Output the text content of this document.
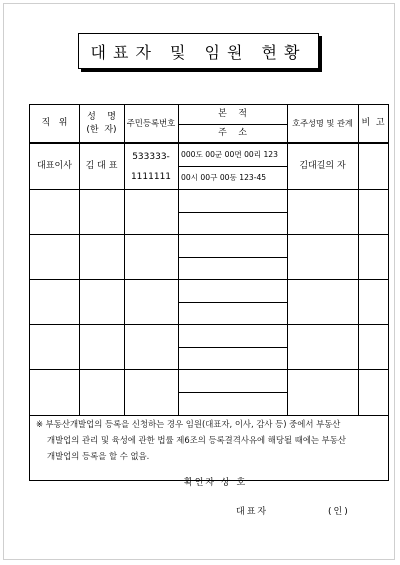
대표자 및 임원 현황
직   위
성    명
(한  자)
주민등록번호
본    적
주    소
호주성명 및 관계 비  고
대표이사	김 대 표
533333-
1111111
000도 00군 00면 00리 123
00시 00구 00동 123-45
김대길의 자
※ 부동산개발업의 등록을 신청하는 경우 임원(대표자, 이사, 감사 등) 중에서 부동산
개발업의 관리 및 육성에 관한 법률 제6조의 등록결격사유에 해당될 때에는 부동산
개발업의 등록을 할 수 없음.
확인자 상 호
대표자	(인)
